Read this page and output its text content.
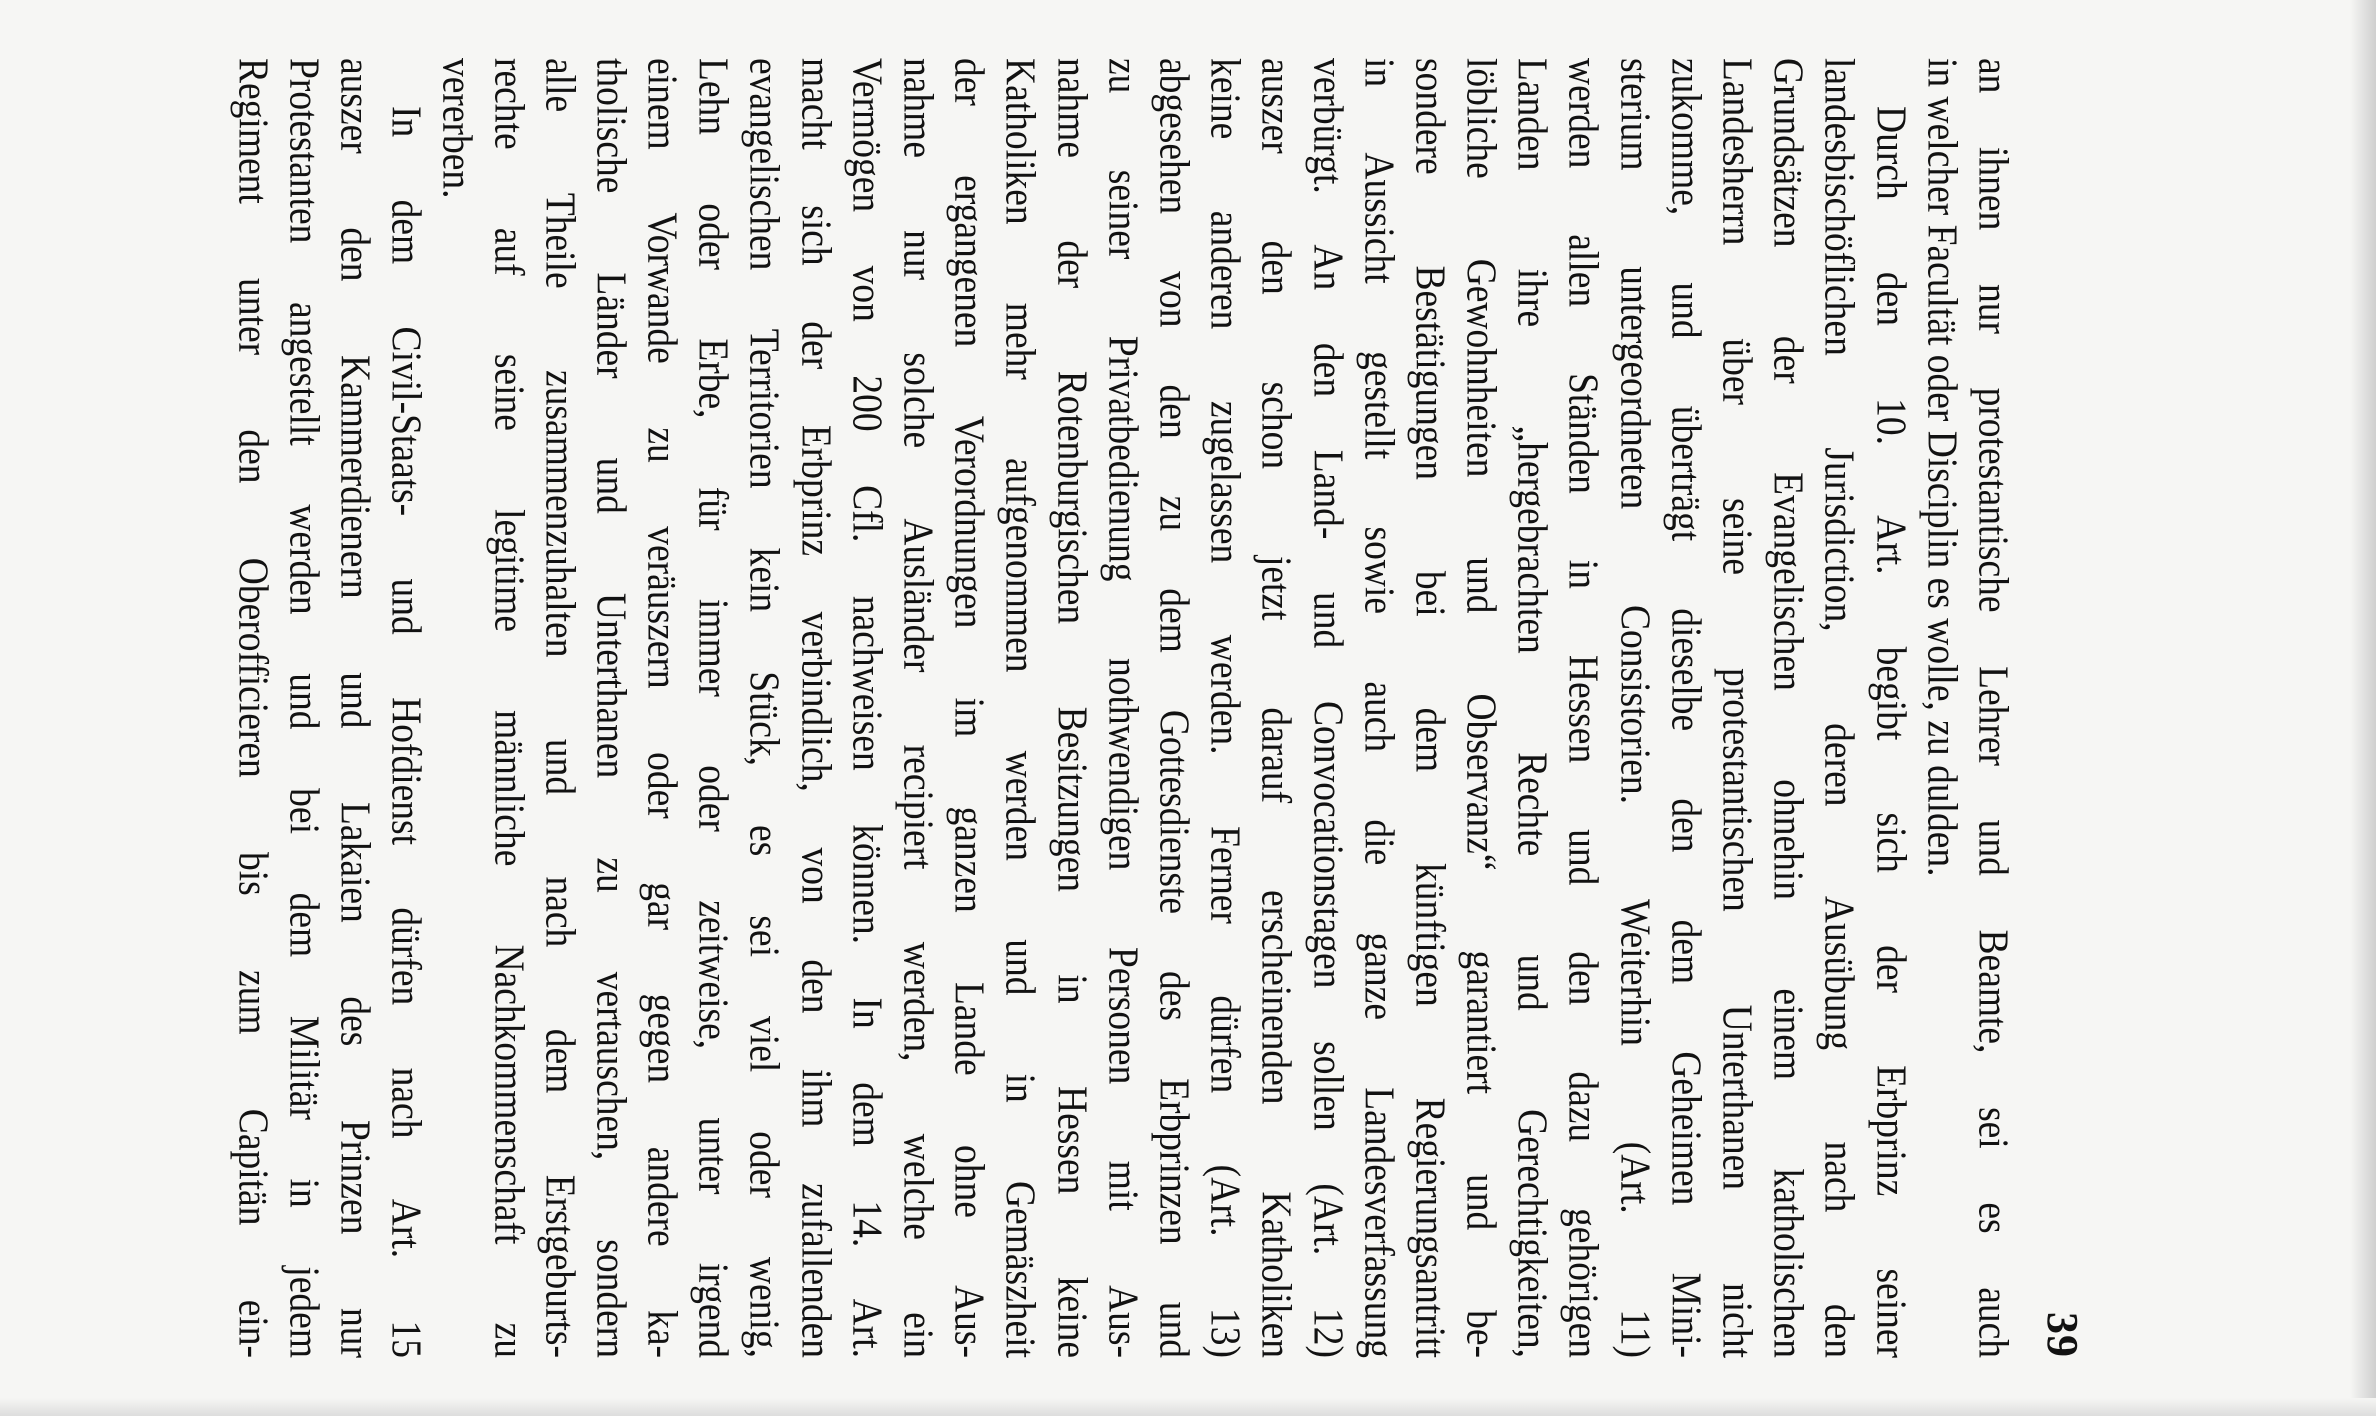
39
an ihnen nur protestantische Lehrer und Beamte, sei es auch
in welcher Facultät oder Disciplin es wolle, zu dulden.
Durch den 10. Art. begibt sich der Erbprinz seiner
landesbischöflichen Jurisdiction, deren Ausübung nach den
Grundsätzen der Evangelischen ohnehin einem katholischen
Landesherrn über seine protestantischen Unterthanen nicht
zukomme, und überträgt dieselbe den dem Geheimen Mini-
sterium untergeordneten Consistorien. Weiterhin (Art. 11)
werden allen Ständen in Hessen und den dazu gehörigen
Landen ihre „hergebrachten Rechte und Gerechtigkeiten,
löbliche Gewohnheiten und Observanz“ garantiert und be-
sondere Bestätigungen bei dem künftigen Regierungsantritt
in Aussicht gestellt sowie auch die ganze Landesverfassung
verbürgt. An den Land- und Convocationstagen sollen (Art. 12)
auszer den schon jetzt darauf erscheinenden Katholiken
keine anderen zugelassen werden. Ferner dürfen (Art. 13)
abgesehen von den zu dem Gottesdienste des Erbprinzen und
zu seiner Privatbedienung nothwendigen Personen mit Aus-
nahme der Rotenburgischen Besitzungen in Hessen keine
Katholiken mehr aufgenommen werden und in Gemäszheit
der ergangenen Verordnungen im ganzen Lande ohne Aus-
nahme nur solche Ausländer recipiert werden, welche ein
Vermögen von 200 Cfl. nachweisen können. In dem 14. Art.
macht sich der Erbprinz verbindlich, von den ihm zufallenden
evangelischen Territorien kein Stück, es sei viel oder wenig,
Lehn oder Erbe, für immer oder zeitweise, unter irgend
einem Vorwande zu veräuszern oder gar gegen andere ka-
tholische Länder und Unterthanen zu vertauschen, sondern
alle Theile zusammenzuhalten und nach dem Erstgeburts-
rechte auf seine legitime männliche Nachkommenschaft zu
vererben.
In dem Civil-Staats- und Hofdienst dürfen nach Art. 15
auszer den Kammerdienern und Lakaien des Prinzen nur
Protestanten angestellt werden und bei dem Militär in jedem
Regiment unter den Oberofficieren bis zum Capitän ein-
